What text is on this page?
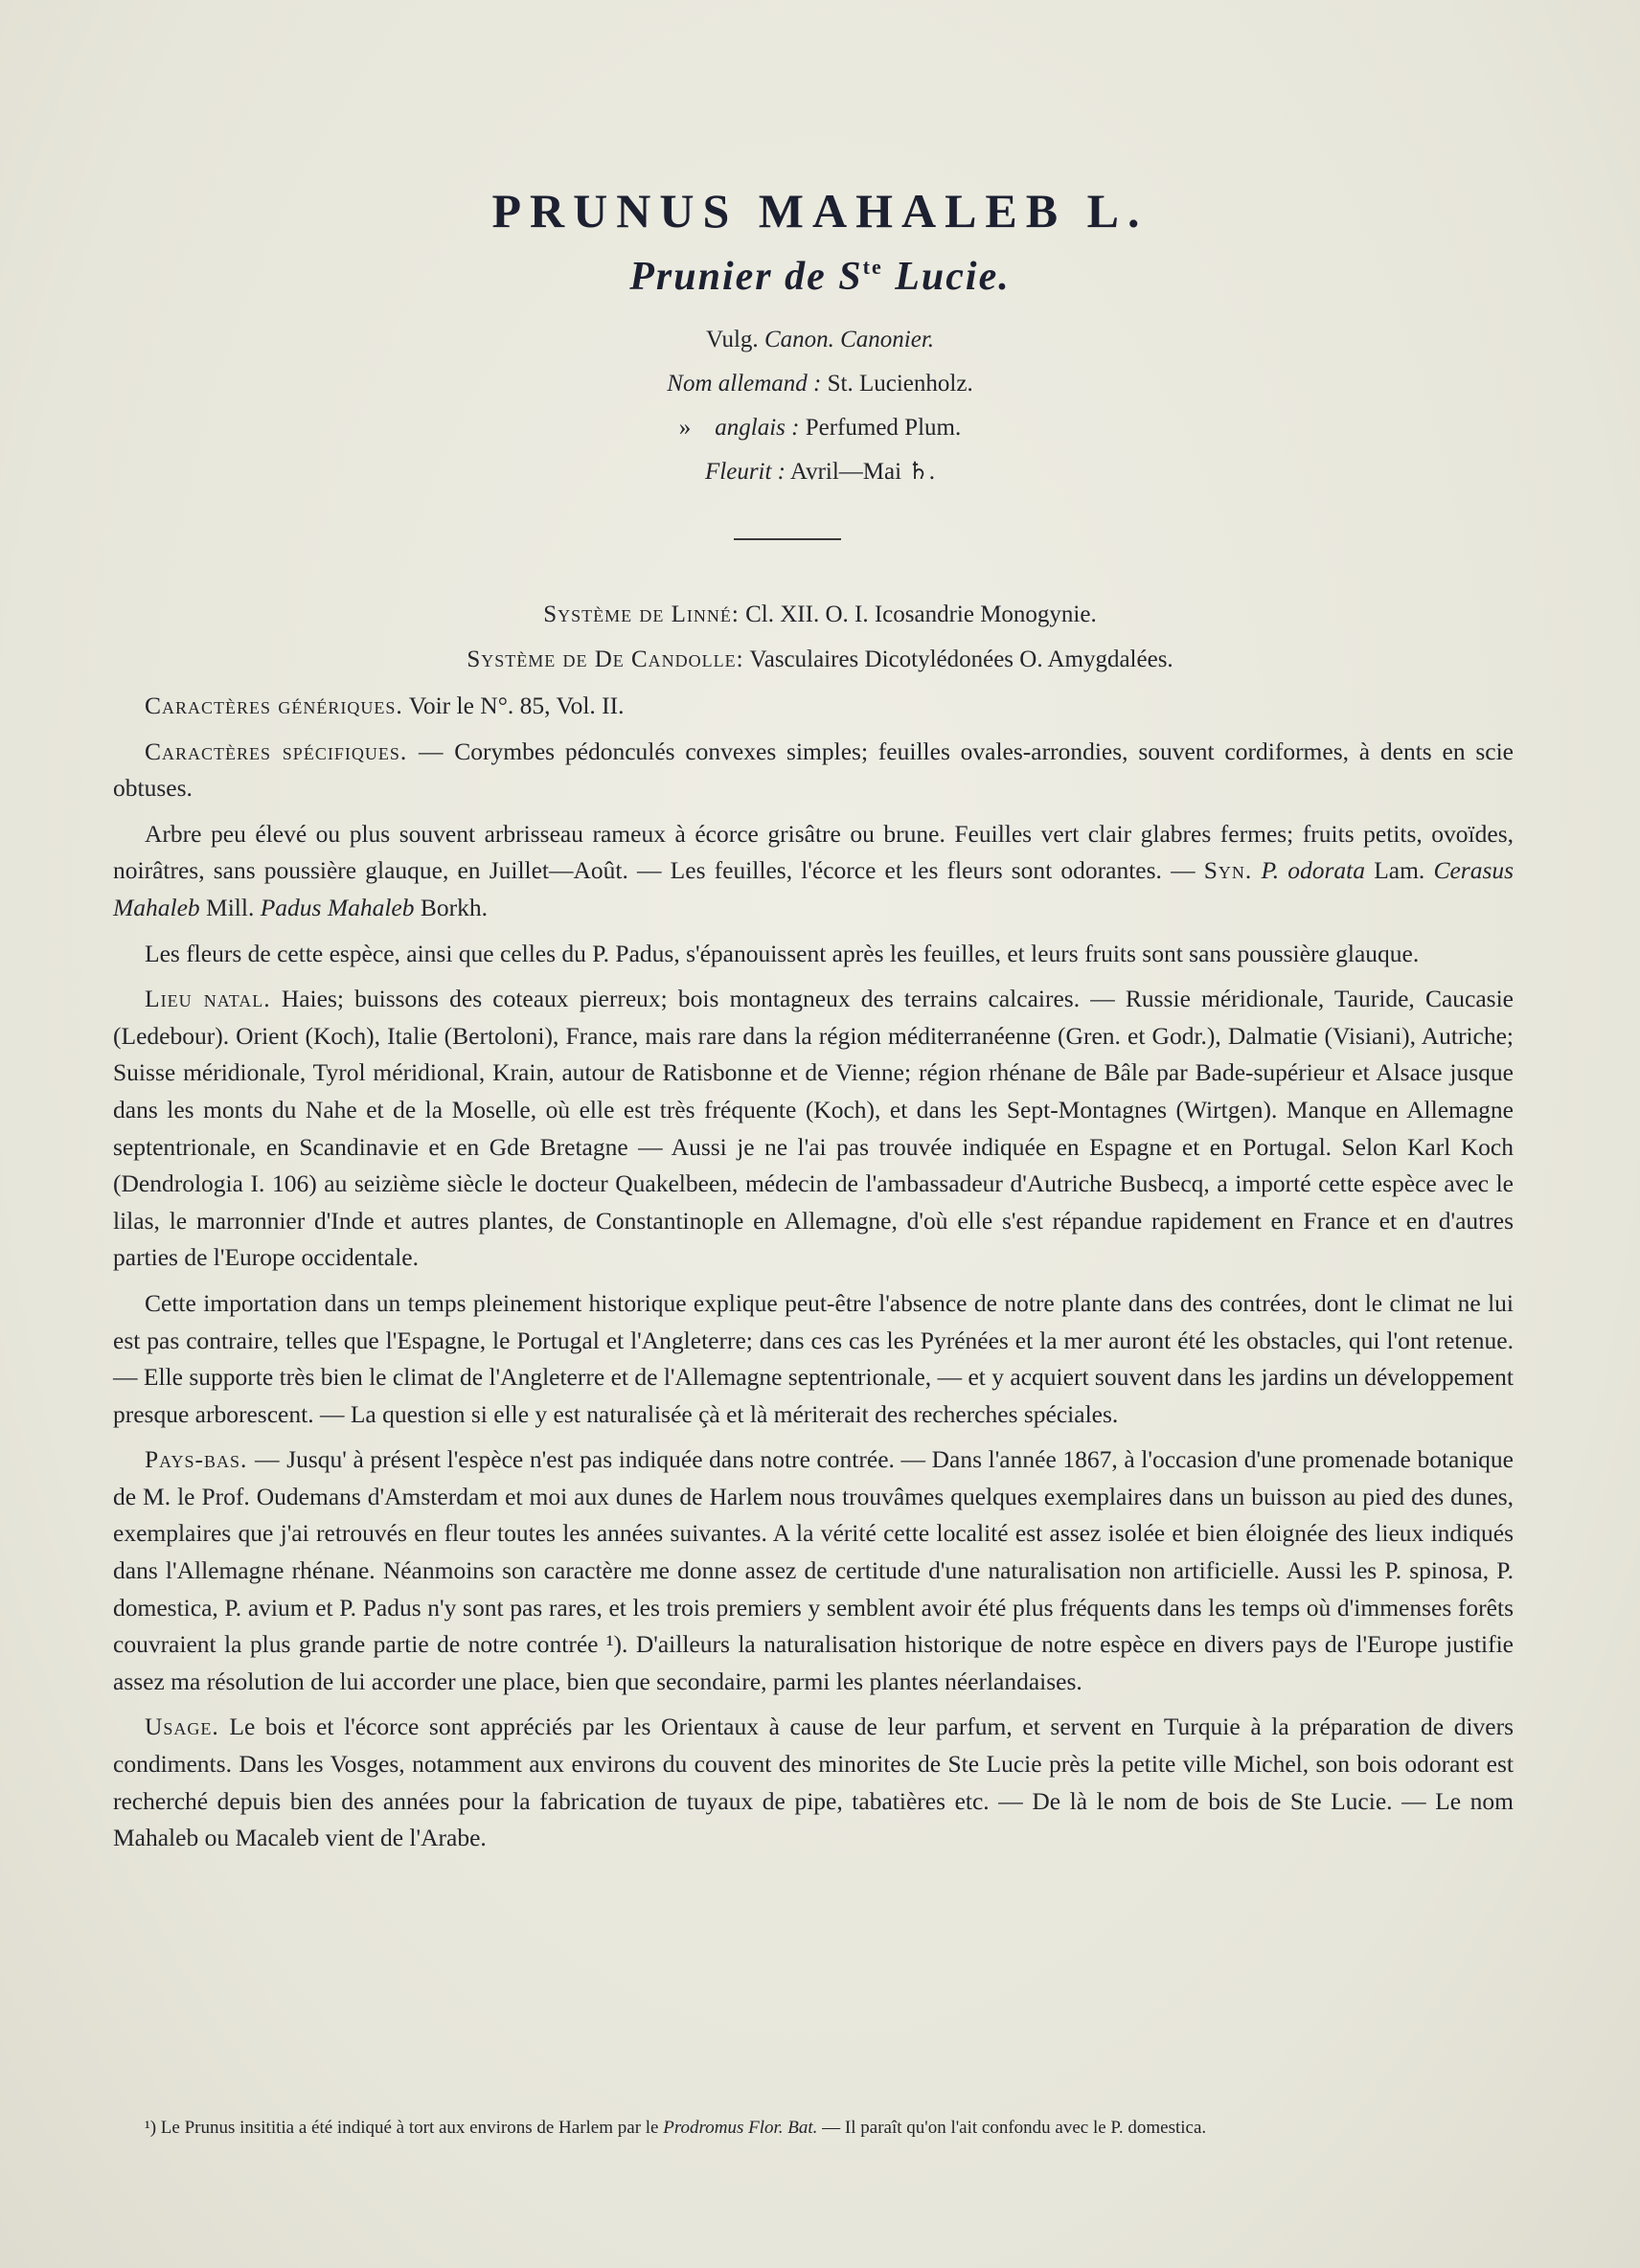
PRUNUS MAHALEB L.
Prunier de $S^{te}$ Lucie.
Vulg. Canon. Canonier.
Nom allemand : St. Lucienholz.
» anglais : Perfumed Plum.
Fleurit : Avril—Mai ♄.
Système de Linné: Cl. XII. O. I. Icosandrie Monogynie.
Système de De Candolle: Vasculaires Dicotylédonées O. Amygdalées.

Caractères génériques. Voir le N°. 85, Vol. II.

Caractères spécifiques. — Corymbes pédonculés convexes simples; feuilles ovales-arrondies, souvent cordiformes, à dents en scie obtuses.

Arbre peu élevé ou plus souvent arbrisseau rameux à écorce grisâtre ou brune. Feuilles vert clair glabres fermes; fruits petits, ovoïdes, noirâtres, sans poussière glauque, en Juillet—Août. — Les feuilles, l'écorce et les fleurs sont odorantes. — Syn. P. odorata Lam. Cerasus Mahaleb Mill. Padus Mahaleb Borkh.

Les fleurs de cette espèce, ainsi que celles du P. Padus, s'épanouissent après les feuilles, et leurs fruits sont sans poussière glauque.

Lieu natal. Haies; buissons des coteaux pierreux; bois montagneux des terrains calcaires. — Russie méridionale, Tauride, Caucasie (Ledebour). Orient (Koch), Italie (Bertoloni), France, mais rare dans la région méditerranéenne (Gren. et Godr.), Dalmatie (Visiani), Autriche; Suisse méridionale, Tyrol méridional, Krain, autour de Ratisbonne et de Vienne; région rhénane de Bâle par Bade-supérieur et Alsace jusque dans les monts du Nahe et de la Moselle, où elle est très fréquente (Koch), et dans les Sept-Montagnes (Wirtgen). Manque en Allemagne septentrionale, en Scandinavie et en Gde Bretagne — Aussi je ne l'ai pas trouvée indiquée en Espagne et en Portugal. Selon Karl Koch (Dendrologia I. 106) au seizième siècle le docteur Quakelbeen, médecin de l'ambassadeur d'Autriche Busbecq, a importé cette espèce avec le lilas, le marronnier d'Inde et autres plantes, de Constantinople en Allemagne, d'où elle s'est répandue rapidement en France et en d'autres parties de l'Europe occidentale.

Cette importation dans un temps pleinement historique explique peut-être l'absence de notre plante dans des contrées, dont le climat ne lui est pas contraire, telles que l'Espagne, le Portugal et l'Angleterre; dans ces cas les Pyrénées et la mer auront été les obstacles, qui l'ont retenue. — Elle supporte très bien le climat de l'Angleterre et de l'Allemagne septentrionale, — et y acquiert souvent dans les jardins un développement presque arborescent. — La question si elle y est naturalisée çà et là mériterait des recherches spéciales.

Pays-bas. — Jusqu' à présent l'espèce n'est pas indiquée dans notre contrée. — Dans l'année 1867, à l'occasion d'une promenade botanique de M. le Prof. Oudemans d'Amsterdam et moi aux dunes de Harlem nous trouvâmes quelques exemplaires dans un buisson au pied des dunes, exemplaires que j'ai retrouvés en fleur toutes les années suivantes. A la vérité cette localité est assez isolée et bien éloignée des lieux indiqués dans l'Allemagne rhénane. Néanmoins son caractère me donne assez de certitude d'une naturalisation non artificielle. Aussi les P. spinosa, P. domestica, P. avium et P. Padus n'y sont pas rares, et les trois premiers y semblent avoir été plus fréquents dans les temps où d'immenses forêts couvraient la plus grande partie de notre contrée ¹). D'ailleurs la naturalisation historique de notre espèce en divers pays de l'Europe justifie assez ma résolution de lui accorder une place, bien que secondaire, parmi les plantes néerlandaises.

Usage. Le bois et l'écorce sont appréciés par les Orientaux à cause de leur parfum, et servent en Turquie à la préparation de divers condiments. Dans les Vosges, notamment aux environs du couvent des minorites de Ste Lucie près la petite ville Michel, son bois odorant est recherché depuis bien des années pour la fabrication de tuyaux de pipe, tabatières etc. — De là le nom de bois de Ste Lucie. — Le nom Mahaleb ou Macaleb vient de l'Arabe.

¹) Le Prunus insititia a été indiqué à tort aux environs de Harlem par le Prodromus Flor. Bat. — Il paraît qu'on l'ait confondu avec le P. domestica.
